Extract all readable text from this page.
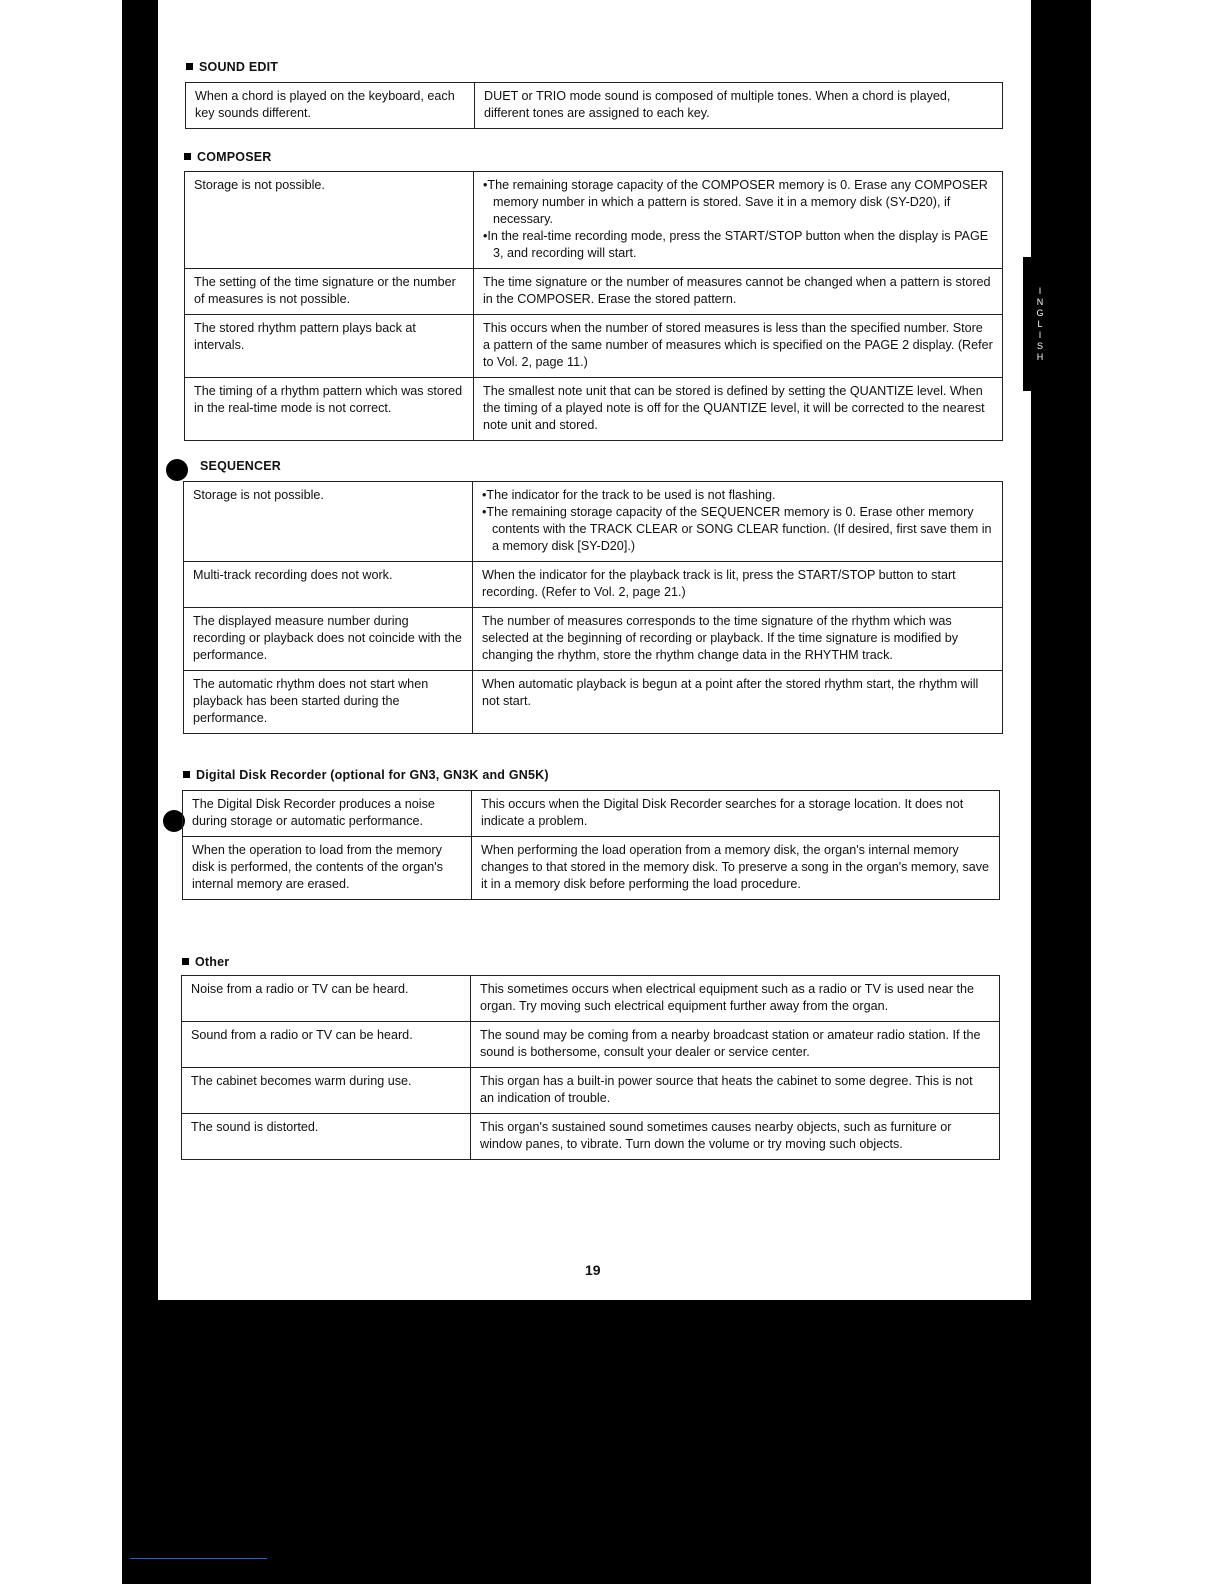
I
N
G
L
I
S
H
SOUND EDIT
When a chord is played on the keyboard, each key sounds different.	DUET or TRIO mode sound is composed of multiple tones. When a chord is played, different tones are assigned to each key.
COMPOSER
Storage is not possible.	•The remaining storage capacity of the COMPOSER memory is 0. Erase any COMPOSER memory number in which a pattern is stored. Save it in a memory disk (SY-D20), if necessary.
•In the real-time recording mode, press the START/STOP button when the display is PAGE 3, and recording will start.

The setting of the time signature or the number of measures is not possible.	The time signature or the number of measures cannot be changed when a pattern is stored in the COMPOSER. Erase the stored pattern.
The stored rhythm pattern plays back at intervals.	This occurs when the number of stored measures is less than the specified number. Store a pattern of the same number of measures which is specified on the PAGE 2 display. (Refer to Vol. 2, page 11.)
The timing of a rhythm pattern which was stored in the real-time mode is not correct.	The smallest note unit that can be stored is defined by setting the QUANTIZE level. When the timing of a played note is off for the QUANTIZE level, it will be corrected to the nearest note unit and stored.
SEQUENCER
Storage is not possible.	•The indicator for the track to be used is not flashing.
•The remaining storage capacity of the SEQUENCER memory is 0. Erase other memory contents with the TRACK CLEAR or SONG CLEAR function. (If desired, first save them in a memory disk [SY-D20].)

Multi-track recording does not work.	When the indicator for the playback track is lit, press the START/STOP button to start recording. (Refer to Vol. 2, page 21.)
The displayed measure number during recording or playback does not coincide with the performance.	The number of measures corresponds to the time signature of the rhythm which was selected at the beginning of recording or playback. If the time signature is modified by changing the rhythm, store the rhythm change data in the RHYTHM track.
The automatic rhythm does not start when playback has been started during the performance.	When automatic playback is begun at a point after the stored rhythm start, the rhythm will not start.
Digital Disk Recorder (optional for GN3, GN3K and GN5K)
The Digital Disk Recorder produces a noise during storage or automatic performance.	This occurs when the Digital Disk Recorder searches for a storage location. It does not indicate a problem.
When the operation to load from the memory disk is performed, the contents of the organ's internal memory are erased.	When performing the load operation from a memory disk, the organ's internal memory changes to that stored in the memory disk. To preserve a song in the organ's memory, save it in a memory disk before performing the load procedure.
Other
Noise from a radio or TV can be heard.	This sometimes occurs when electrical equipment such as a radio or TV is used near the organ. Try moving such electrical equipment further away from the organ.
Sound from a radio or TV can be heard.	The sound may be coming from a nearby broadcast station or amateur radio station. If the sound is bothersome, consult your dealer or service center.
The cabinet becomes warm during use.	This organ has a built-in power source that heats the cabinet to some degree. This is not an indication of trouble.
The sound is distorted.	This organ's sustained sound sometimes causes nearby objects, such as furniture or window panes, to vibrate. Turn down the volume or try moving such objects.
19
